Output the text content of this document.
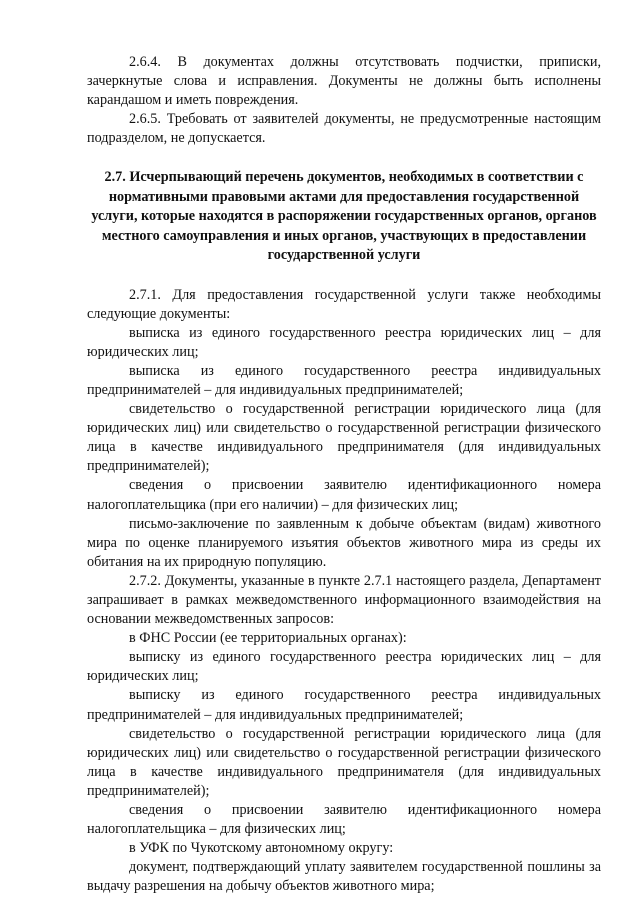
2.6.4. В документах должны отсутствовать подчистки, приписки, зачеркнутые слова и исправления. Документы не должны быть исполнены карандашом и иметь повреждения.

2.6.5. Требовать от заявителей документы, не предусмотренные настоящим подразделом, не допускается.

2.7. Исчерпывающий перечень документов, необходимых в соответствии с нормативными правовыми актами для предоставления государственной услуги, которые находятся в распоряжении государственных органов, органов местного самоуправления и иных органов, участвующих в предоставлении государственной услуги

2.7.1. Для предоставления государственной услуги также необходимы следующие документы:

выписка из единого государственного реестра юридических лиц – для юридических лиц;

выписка из единого государственного реестра индивидуальных предпринимателей – для индивидуальных предпринимателей;

свидетельство о государственной регистрации юридического лица (для юридических лиц) или свидетельство о государственной регистрации физического лица в качестве индивидуального предпринимателя (для индивидуальных предпринимателей);

сведения о присвоении заявителю идентификационного номера налогоплательщика (при его наличии) – для физических лиц;

письмо-заключение по заявленным к добыче объектам (видам) животного мира по оценке планируемого изъятия объектов животного мира из среды их обитания на их природную популяцию.

2.7.2. Документы, указанные в пункте 2.7.1 настоящего раздела, Департамент запрашивает в рамках межведомственного информационного взаимодействия на основании межведомственных запросов:

в ФНС России (ее территориальных органах):

выписку из единого государственного реестра юридических лиц – для юридических лиц;

выписку из единого государственного реестра индивидуальных предпринимателей – для индивидуальных предпринимателей;

свидетельство о государственной регистрации юридического лица (для юридических лиц) или свидетельство о государственной регистрации физического лица в качестве индивидуального предпринимателя (для индивидуальных предпринимателей);

сведения о присвоении заявителю идентификационного номера налогоплательщика – для физических лиц;

в УФК по Чукотскому автономному округу:

документ, подтверждающий уплату заявителем государственной пошлины за выдачу разрешения на добычу объектов животного мира;
